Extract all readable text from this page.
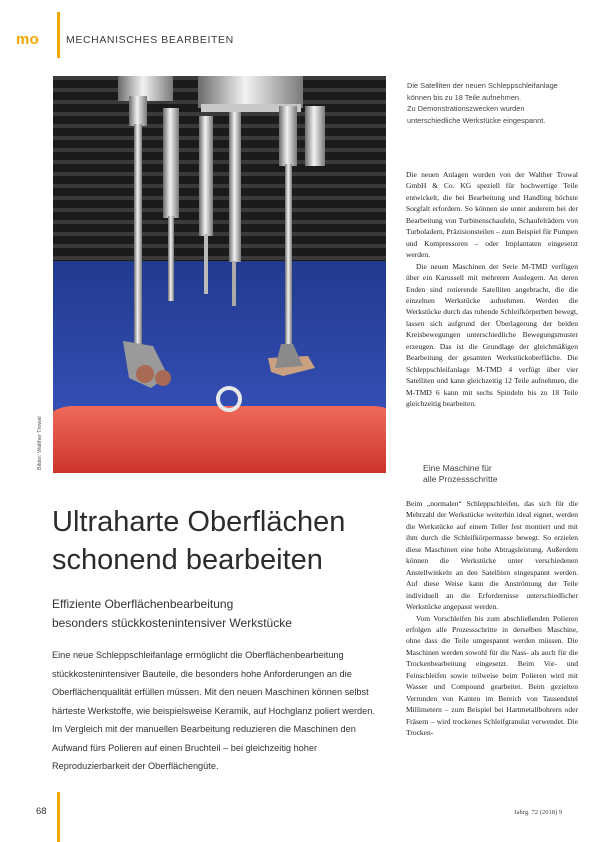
mo	MECHANISCHES BEARBEITEN
Bilder: Walther Trowal
Die Satelliten der neuen Schleppschleifanlage
können bis zu 18 Teile aufnehmen.
Zu Demonstrationszwecken wurden
unterschiedliche Werkstücke eingespannt.

Die neuen Anlagen wurden von der Walther Trowal GmbH & Co. KG speziell für hochwertige Teile entwickelt, die bei Bearbeitung und Handling höchste Sorgfalt erfordern. So können sie unter anderem bei der Bearbeitung von Turbinenschaufeln, Schaufelrädern von Turboladern, Präzisionsteilen – zum Beispiel für Pumpen und Kompressoren – oder Implantaten eingesetzt werden.

Die neuen Maschinen der Serie M-TMD verfügen über ein Karussell mit mehreren Auslegern. An deren Enden sind rotierende Satelliten angebracht, die die einzelnen Werkstücke aufnehmen. Werden die Werkstücke durch das ruhende Schleifkörperbett bewegt, lassen sich aufgrund der Überlagerung der beiden Kreisbewegungen unterschiedliche Bewegungsmuster erzeugen. Das ist die Grundlage der gleichmäßigen Bearbeitung der gesamten Werkstückoberfläche. Die Schleppschleifanlage M-TMD 4 verfügt über vier Satelliten und kann gleichzeitig 12 Teile aufnehmen, die M-TMD 6 kann mit sechs Spindeln bis zu 18 Teile gleichzeitig bearbeiten.

Eine Maschine für
alle Prozessschritte

Beim „normalen“ Schleppschleifen, das sich für die Mehrzahl der Werkstücke weiterhin ideal eignet, werden die Werkstücke auf einem Teller fest montiert und mit ihm durch die Schleifkörpermasse bewegt. So erzielen diese Maschinen eine hohe Abtragsleistung. Außerdem können die Werkstücke unter verschiedenen Anstellwinkeln an den Satelliten eingespannt werden. Auf diese Weise kann die Anströmung der Teile individuell an die Erfordernisse unterschiedlicher Werkstücke angepasst werden.

Vom Vorschleifen bis zum abschließenden Polieren erfolgen alle Prozessschritte in derselben Maschine, ohne dass die Teile umgespannt werden müssen. Die Maschinen werden sowohl für die Nass- als auch für die Trockenbearbeitung eingesetzt. Beim Vor- und Feinschleifen sowie teilweise beim Polieren wird mit Wasser und Compound gearbeitet. Beim gezielten Verrunden von Kanten im Bereich von Tausendstel Millimetern – zum Beispiel bei Hartmetallbohrern oder Fräsern – wird trockenes Schleifgranulat verwendet. Die Trocken-

Ultraharte Oberflächen
schonend bearbeiten
Effiziente Oberflächenbearbeitung
besonders stückkostenintensiver Werkstücke
Eine neue Schleppschleifanlage ermöglicht die Oberflächenbearbeitung stückkostenintensiver Bauteile, die besonders hohe Anforderungen an die Oberflächenqualität erfüllen müssen. Mit den neuen Maschinen können selbst härteste Werkstoffe, wie beispielsweise Keramik, auf Hochglanz poliert werden. Im Vergleich mit der manuellen Bearbeitung reduzieren die Maschinen den Aufwand fürs Polieren auf einen Bruchteil – bei gleichzeitig hoher Reproduzierbarkeit der Oberflächengüte.
68	Jahrg. 72 (2018) 9
